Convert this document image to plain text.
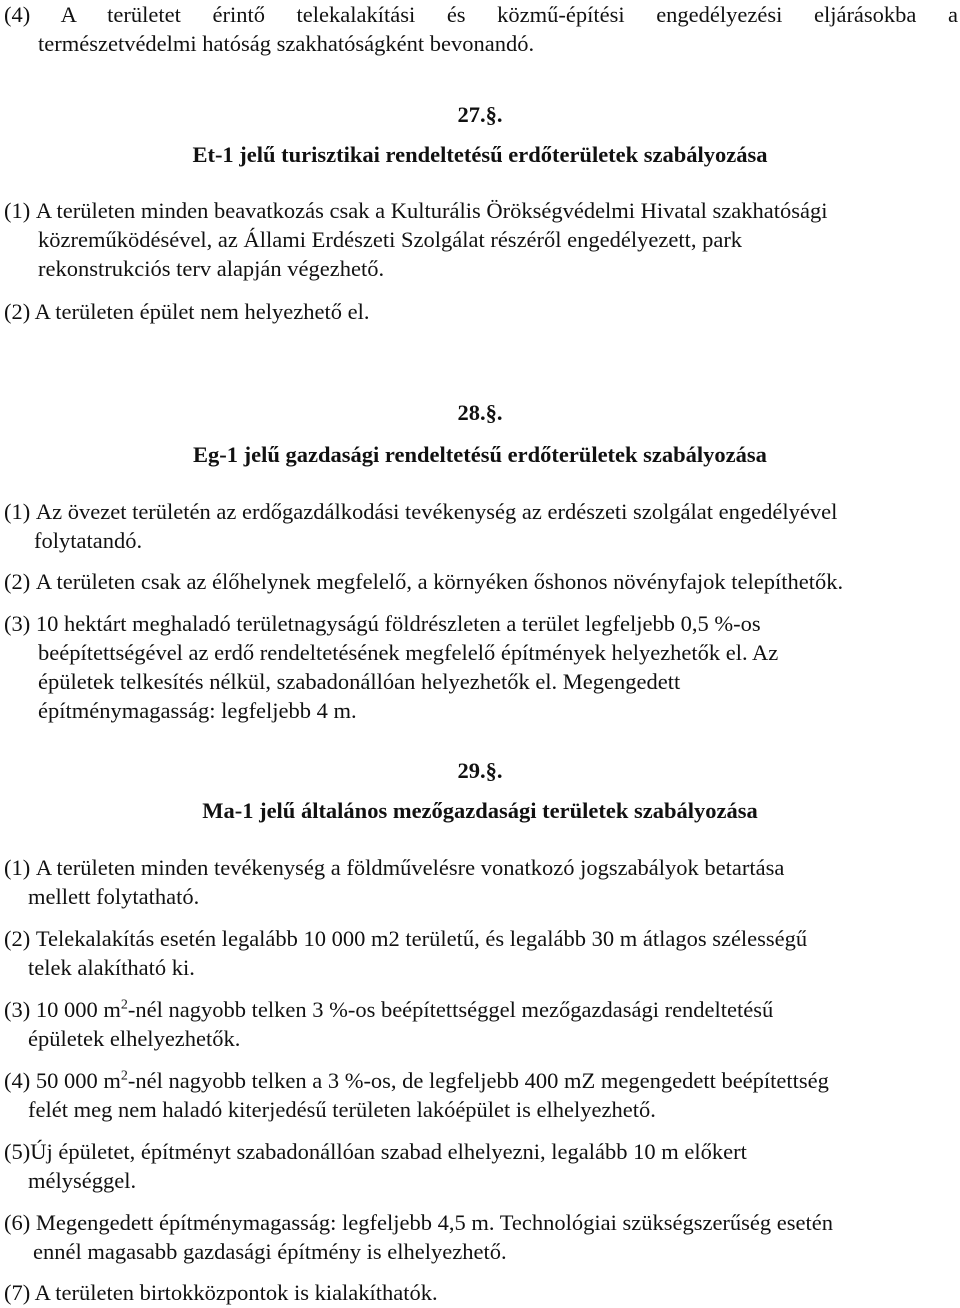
(4) A területet érintő telekalakítási és közmű-építési engedélyezési eljárásokba a

természetvédelmi hatóság szakhatóságként bevonandó.

27.§.

Et-1 jelű turisztikai rendeltetésű erdőterületek szabályozása

(1) A területen minden beavatkozás csak a Kulturális Örökségvédelmi Hivatal szakhatósági

közreműködésével, az Állami Erdészeti Szolgálat részéről engedélyezett, park

rekonstrukciós terv alapján végezhető.

(2) A területen épület nem helyezhető el.

28.§.

Eg-1 jelű gazdasági rendeltetésű erdőterületek szabályozása

(1) Az övezet területén az erdőgazdálkodási tevékenység az erdészeti szolgálat engedélyével

folytatandó.

(2) A területen csak az élőhelynek megfelelő, a környéken őshonos növényfajok telepíthetők.
(3) 10 hektárt meghaladó területnagyságú földrészleten a terület legfeljebb 0,5 %-os

beépítettségével az erdő rendeltetésének megfelelő építmények helyezhetők el. Az

épületek telkesítés nélkül, szabadonállóan helyezhetők el. Megengedett

építménymagasság: legfeljebb 4 m.

29.§.

Ma-1 jelű általános mezőgazdasági területek szabályozása

(1) A területen minden tevékenység a földművelésre vonatkozó jogszabályok betartása

mellett folytatható.

(2) Telekalakítás esetén legalább 10 000 m2 területű, és legalább 30 m átlagos szélességű

telek alakítható ki.

(3) 10 000 $m^2$-nél nagyobb telken 3 %-os beépítettséggel mezőgazdasági rendeltetésű

épületek elhelyezhetők.

(4) 50 000 $m^2$-nél nagyobb telken a 3 %-os, de legfeljebb 400 mZ megengedett beépítettség

felét meg nem haladó kiterjedésű területen lakóépület is elhelyezhető.

(5) Új épületet, építményt szabadonállóan szabad elhelyezni, legalább 10 m előkert

mélységgel.

(6) Megengedett építménymagasság: legfeljebb 4,5 m. Technológiai szükségszerűség esetén

ennél magasabb gazdasági építmény is elhelyezhető.

(7) A területen birtokközpontok is kialakíthatók.
